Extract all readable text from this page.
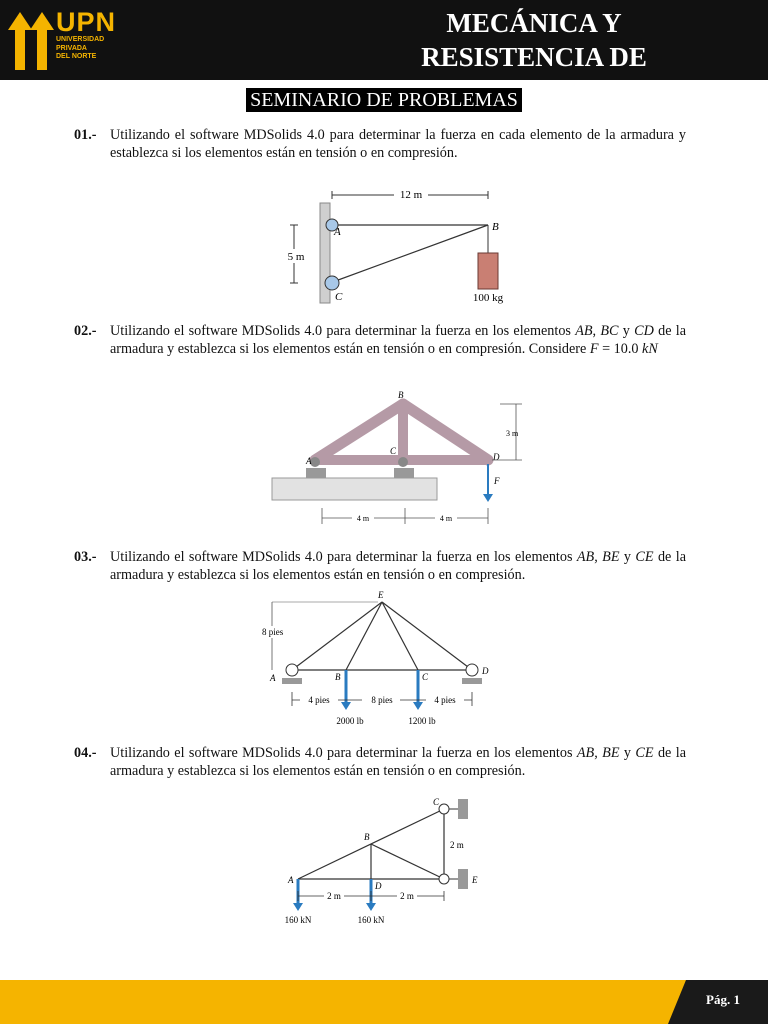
UPN
UNIVERSIDAD
PRIVADA
DEL NORTE
MECÁNICA Y
RESISTENCIA DE
SEMINARIO DE PROBLEMAS
01.- Utilizando el software MDSolids 4.0 para determinar la fuerza en cada elemento de la armadura y establezca si los elementos están en tensión o en compresión.
12 m
5 m
A	B
C	100 kg
02.- Utilizando el software MDSolids 4.0 para determinar la fuerza en los elementos AB, BC y CD de la armadura y establezca si los elementos están en tensión o en compresión. Considere F = 10.0 kN
B
A
C
D
F
3 m
4 m	4 m
03.- Utilizando el software MDSolids 4.0 para determinar la fuerza en los elementos AB, BE y CE de la armadura y establezca si los elementos están en tensión o en compresión.
E
A	B	C
D
8 pies
4 pies	8 pies	4 pies
2000 lb	1200 lb
04.- Utilizando el software MDSolids 4.0 para determinar la fuerza en los elementos AB, BE y CE de la armadura y establezca si los elementos están en tensión o en compresión.
A
B
C
D
E
2 m
2 m	2 m
160 kN	160 kN
Pág. 1
